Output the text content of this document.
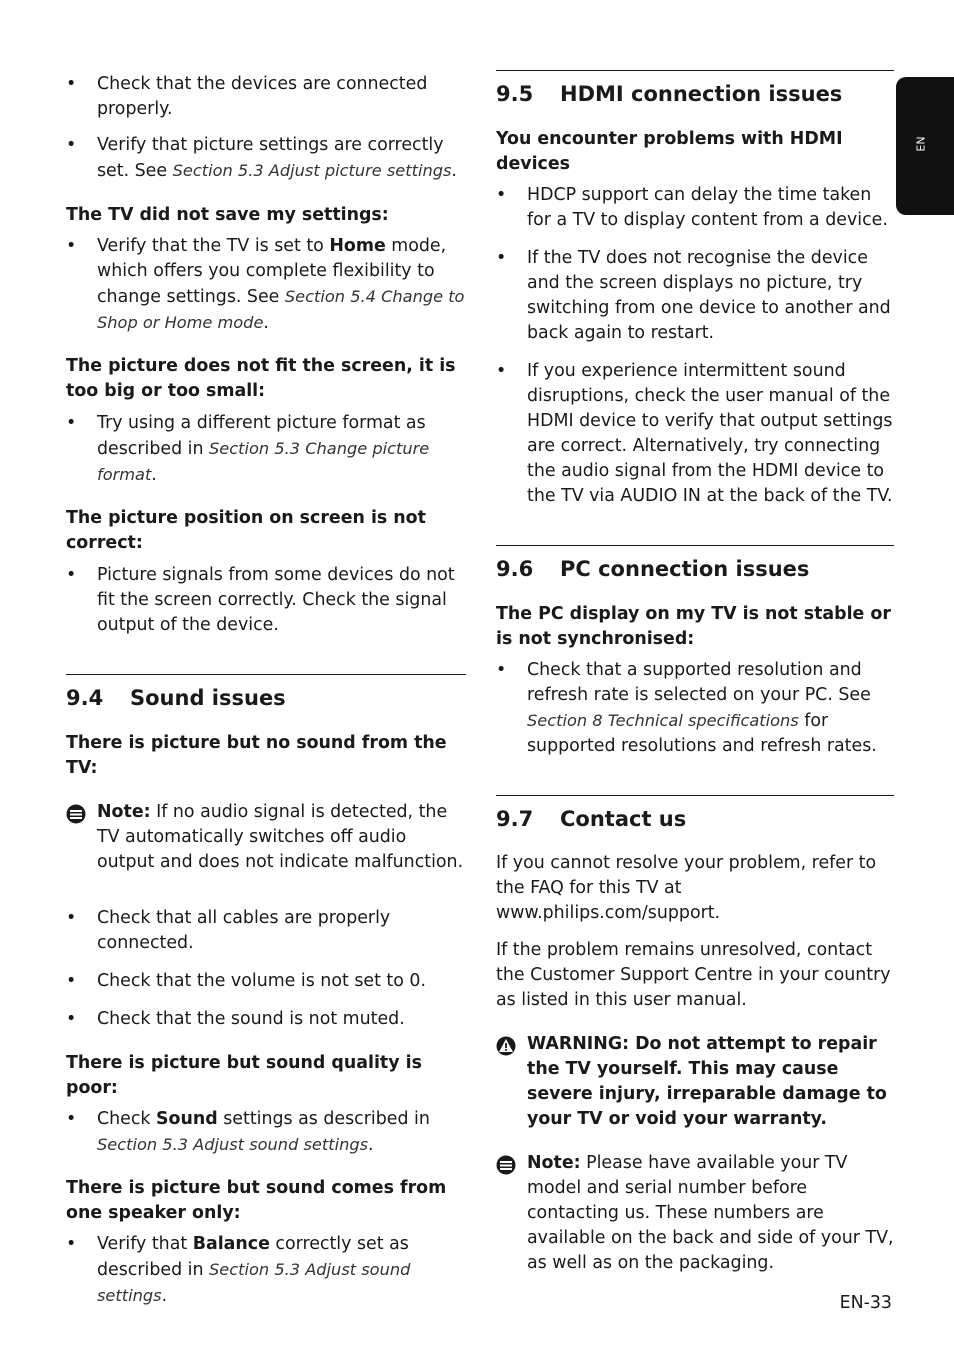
EN

• Check that the devices are connected properly.

• Verify that picture settings are correctly set. See Section 5.3 Adjust picture settings.

The TV did not save my settings:

• Verify that the TV is set to Home mode, which offers you complete flexibility to change settings. See Section 5.4 Change to Shop or Home mode.

The picture does not fit the screen, it is too big or too small:

• Try using a different picture format as described in Section 5.3 Change picture format.

The picture position on screen is not correct:

• Picture signals from some devices do not fit the screen correctly. Check the signal output of the device.

9.4 Sound issues

There is picture but no sound from the TV:

Note: If no audio signal is detected, the TV automatically switches off audio output and does not indicate malfunction.

• Check that all cables are properly connected.

• Check that the volume is not set to 0.

• Check that the sound is not muted.

There is picture but sound quality is poor:

• Check Sound settings as described in Section 5.3 Adjust sound settings.

There is picture but sound comes from one speaker only:

• Verify that Balance correctly set as described in Section 5.3 Adjust sound settings.

9.5 HDMI connection issues

You encounter problems with HDMI devices

• HDCP support can delay the time taken for a TV to display content from a device.

• If the TV does not recognise the device and the screen displays no picture, try switching from one device to another and back again to restart.

• If you experience intermittent sound disruptions, check the user manual of the HDMI device to verify that output settings are correct. Alternatively, try connecting the audio signal from the HDMI device to the TV via AUDIO IN at the back of the TV.

9.6 PC connection issues

The PC display on my TV is not stable or is not synchronised:

• Check that a supported resolution and refresh rate is selected on your PC. See Section 8 Technical specifications for supported resolutions and refresh rates.

9.7 Contact us

If you cannot resolve your problem, refer to the FAQ for this TV at www.philips.com/support.

If the problem remains unresolved, contact the Customer Support Centre in your country as listed in this user manual.

WARNING: Do not attempt to repair the TV yourself. This may cause severe injury, irreparable damage to your TV or void your warranty.
Note: Please have available your TV model and serial number before contacting us. These numbers are available on the back and side of your TV, as well as on the packaging.
EN-33
